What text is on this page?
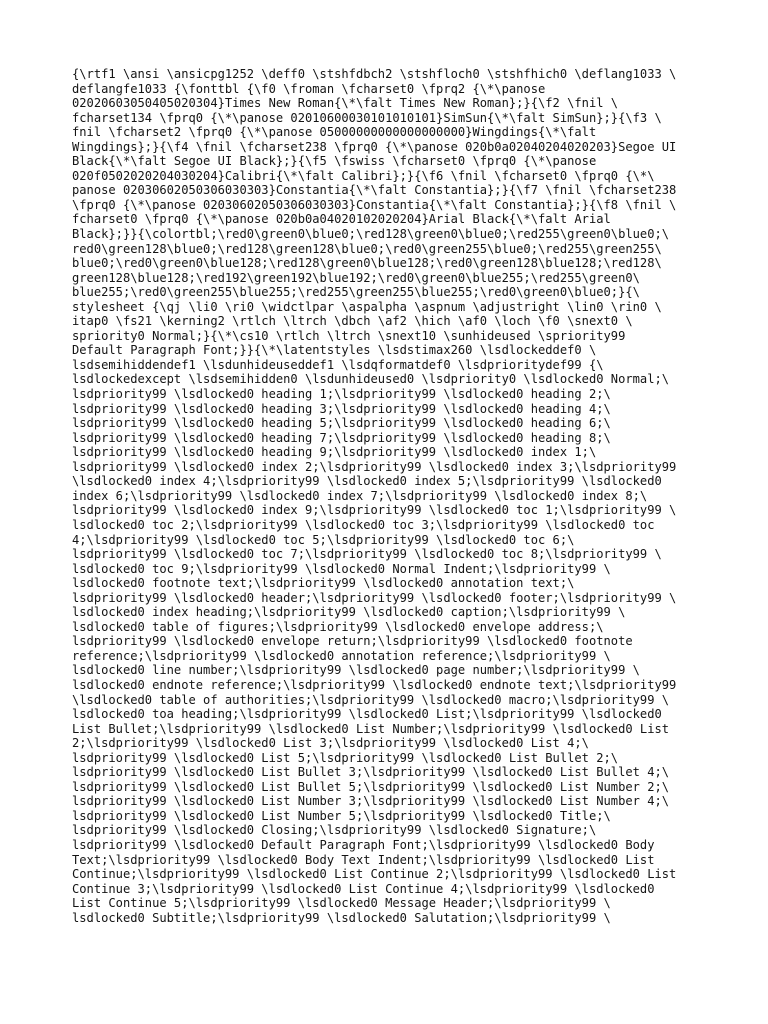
{\rtf1 \ansi \ansicpg1252 \deff0 \stshfdbch2 \stshfloch0 \stshfhich0 \deflang1033 \
deflangfe1033 {\fonttbl {\f0 \froman \fcharset0 \fprq2 {\*\panose
02020603050405020304}Times New Roman{\*\falt Times New Roman};}{\f2 \fnil \
fcharset134 \fprq0 {\*\panose 02010600030101010101}SimSun{\*\falt SimSun};}{\f3 \
fnil \fcharset2 \fprq0 {\*\panose 05000000000000000000}Wingdings{\*\falt
Wingdings};}{\f4 \fnil \fcharset238 \fprq0 {\*\panose 020b0a02040204020203}Segoe UI
Black{\*\falt Segoe UI Black};}{\f5 \fswiss \fcharset0 \fprq0 {\*\panose
020f0502020204030204}Calibri{\*\falt Calibri};}{\f6 \fnil \fcharset0 \fprq0 {\*\
panose 02030602050306030303}Constantia{\*\falt Constantia};}{\f7 \fnil \fcharset238
\fprq0 {\*\panose 02030602050306030303}Constantia{\*\falt Constantia};}{\f8 \fnil \
fcharset0 \fprq0 {\*\panose 020b0a04020102020204}Arial Black{\*\falt Arial
Black};}}{\colortbl;\red0\green0\blue0;\red128\green0\blue0;\red255\green0\blue0;\
red0\green128\blue0;\red128\green128\blue0;\red0\green255\blue0;\red255\green255\
blue0;\red0\green0\blue128;\red128\green0\blue128;\red0\green128\blue128;\red128\
green128\blue128;\red192\green192\blue192;\red0\green0\blue255;\red255\green0\
blue255;\red0\green255\blue255;\red255\green255\blue255;\red0\green0\blue0;}{\
stylesheet {\qj \li0 \ri0 \widctlpar \aspalpha \aspnum \adjustright \lin0 \rin0 \
itap0 \fs21 \kerning2 \rtlch \ltrch \dbch \af2 \hich \af0 \loch \f0 \snext0 \
spriority0 Normal;}{\*\cs10 \rtlch \ltrch \snext10 \sunhideused \spriority99
Default Paragraph Font;}}{\*\latentstyles \lsdstimax260 \lsdlockeddef0 \
lsdsemihiddendef1 \lsdunhideuseddef1 \lsdqformatdef0 \lsdprioritydef99 {\
lsdlockedexcept \lsdsemihidden0 \lsdunhideused0 \lsdpriority0 \lsdlocked0 Normal;\
lsdpriority99 \lsdlocked0 heading 1;\lsdpriority99 \lsdlocked0 heading 2;\
lsdpriority99 \lsdlocked0 heading 3;\lsdpriority99 \lsdlocked0 heading 4;\
lsdpriority99 \lsdlocked0 heading 5;\lsdpriority99 \lsdlocked0 heading 6;\
lsdpriority99 \lsdlocked0 heading 7;\lsdpriority99 \lsdlocked0 heading 8;\
lsdpriority99 \lsdlocked0 heading 9;\lsdpriority99 \lsdlocked0 index 1;\
lsdpriority99 \lsdlocked0 index 2;\lsdpriority99 \lsdlocked0 index 3;\lsdpriority99
\lsdlocked0 index 4;\lsdpriority99 \lsdlocked0 index 5;\lsdpriority99 \lsdlocked0
index 6;\lsdpriority99 \lsdlocked0 index 7;\lsdpriority99 \lsdlocked0 index 8;\
lsdpriority99 \lsdlocked0 index 9;\lsdpriority99 \lsdlocked0 toc 1;\lsdpriority99 \
lsdlocked0 toc 2;\lsdpriority99 \lsdlocked0 toc 3;\lsdpriority99 \lsdlocked0 toc
4;\lsdpriority99 \lsdlocked0 toc 5;\lsdpriority99 \lsdlocked0 toc 6;\
lsdpriority99 \lsdlocked0 toc 7;\lsdpriority99 \lsdlocked0 toc 8;\lsdpriority99 \
lsdlocked0 toc 9;\lsdpriority99 \lsdlocked0 Normal Indent;\lsdpriority99 \
lsdlocked0 footnote text;\lsdpriority99 \lsdlocked0 annotation text;\
lsdpriority99 \lsdlocked0 header;\lsdpriority99 \lsdlocked0 footer;\lsdpriority99 \
lsdlocked0 index heading;\lsdpriority99 \lsdlocked0 caption;\lsdpriority99 \
lsdlocked0 table of figures;\lsdpriority99 \lsdlocked0 envelope address;\
lsdpriority99 \lsdlocked0 envelope return;\lsdpriority99 \lsdlocked0 footnote
reference;\lsdpriority99 \lsdlocked0 annotation reference;\lsdpriority99 \
lsdlocked0 line number;\lsdpriority99 \lsdlocked0 page number;\lsdpriority99 \
lsdlocked0 endnote reference;\lsdpriority99 \lsdlocked0 endnote text;\lsdpriority99
\lsdlocked0 table of authorities;\lsdpriority99 \lsdlocked0 macro;\lsdpriority99 \
lsdlocked0 toa heading;\lsdpriority99 \lsdlocked0 List;\lsdpriority99 \lsdlocked0
List Bullet;\lsdpriority99 \lsdlocked0 List Number;\lsdpriority99 \lsdlocked0 List
2;\lsdpriority99 \lsdlocked0 List 3;\lsdpriority99 \lsdlocked0 List 4;\
lsdpriority99 \lsdlocked0 List 5;\lsdpriority99 \lsdlocked0 List Bullet 2;\
lsdpriority99 \lsdlocked0 List Bullet 3;\lsdpriority99 \lsdlocked0 List Bullet 4;\
lsdpriority99 \lsdlocked0 List Bullet 5;\lsdpriority99 \lsdlocked0 List Number 2;\
lsdpriority99 \lsdlocked0 List Number 3;\lsdpriority99 \lsdlocked0 List Number 4;\
lsdpriority99 \lsdlocked0 List Number 5;\lsdpriority99 \lsdlocked0 Title;\
lsdpriority99 \lsdlocked0 Closing;\lsdpriority99 \lsdlocked0 Signature;\
lsdpriority99 \lsdlocked0 Default Paragraph Font;\lsdpriority99 \lsdlocked0 Body
Text;\lsdpriority99 \lsdlocked0 Body Text Indent;\lsdpriority99 \lsdlocked0 List
Continue;\lsdpriority99 \lsdlocked0 List Continue 2;\lsdpriority99 \lsdlocked0 List
Continue 3;\lsdpriority99 \lsdlocked0 List Continue 4;\lsdpriority99 \lsdlocked0
List Continue 5;\lsdpriority99 \lsdlocked0 Message Header;\lsdpriority99 \
lsdlocked0 Subtitle;\lsdpriority99 \lsdlocked0 Salutation;\lsdpriority99 \
